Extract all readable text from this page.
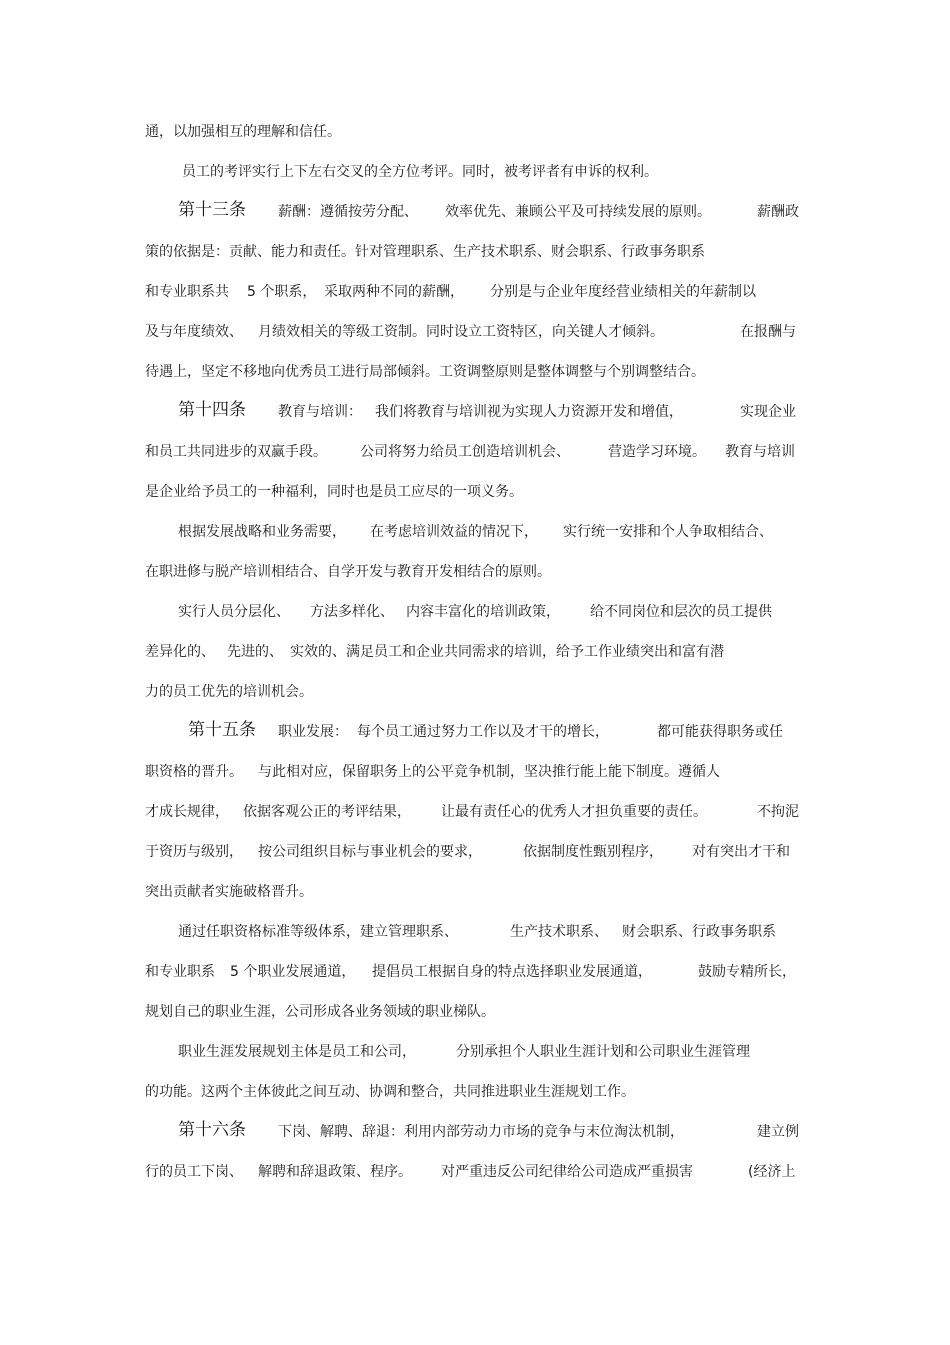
通，以加强相互的理解和信任。
员工的考评实行上下左右交叉的全方位考评。同时，被考评者有申诉的权利。
第十三条 薪酬：遵循按劳分配、 效率优先、兼顾公平及可持续发展的原则。	薪酬政
策的依据是：贡献、能力和责任。针对管理职系、生产技术职系、财会职系、行政事务职系
和专业职系共 5 个职系， 采取两种不同的薪酬， 分别是与企业年度经营业绩相关的年薪制以
及与年度绩效、 月绩效相关的等级工资制。同时设立工资特区，向关键人才倾斜。	在报酬与
待遇上，坚定不移地向优秀员工进行局部倾斜。工资调整原则是整体调整与个别调整结合。
第十四条 教育与培训： 我们将教育与培训视为实现人力资源开发和增值，	实现企业
和员工共同进步的双赢手段。 公司将努力给员工创造培训机会、	营造学习环境。 教育与培训
是企业给予员工的一种福利，同时也是员工应尽的一项义务。
根据发展战略和业务需要， 在考虑培训效益的情况下， 实行统一安排和个人争取相结合、
在职进修与脱产培训相结合、自学开发与教育开发相结合的原则。
实行人员分层化、 方法多样化、 内容丰富化的培训政策， 给不同岗位和层次的员工提供
差异化的、 先进的、 实效的、满足员工和企业共同需求的培训，给予工作业绩突出和富有潜
力的员工优先的培训机会。
第十五条 职业发展： 每个员工通过努力工作以及才干的增长，	都可能获得职务或任
职资格的晋升。 与此相对应，保留职务上的公平竞争机制，坚决推行能上能下制度。遵循人
才成长规律， 依据客观公正的考评结果， 让最有责任心的优秀人才担负重要的责任。	不拘泥
于资历与级别， 按公司组织目标与事业机会的要求，	依据制度性甄别程序， 对有突出才干和
突出贡献者实施破格晋升。
通过任职资格标准等级体系，建立管理职系、	生产技术职系、 财会职系、行政事务职系
和专业职系 5 个职业发展通道， 提倡员工根据自身的特点选择职业发展通道，	鼓励专精所长，
规划自己的职业生涯，公司形成各业务领域的职业梯队。
职业生涯发展规划主体是员工和公司，	分别承担个人职业生涯计划和公司职业生涯管理
的功能。这两个主体彼此之间互动、协调和整合，共同推进职业生涯规划工作。
第十六条 下岗、解聘、辞退：利用内部劳动力市场的竞争与末位淘汰机制，	建立例
行的员工下岗、 解聘和辞退政策、程序。 对严重违反公司纪律给公司造成严重损害	(经济上
